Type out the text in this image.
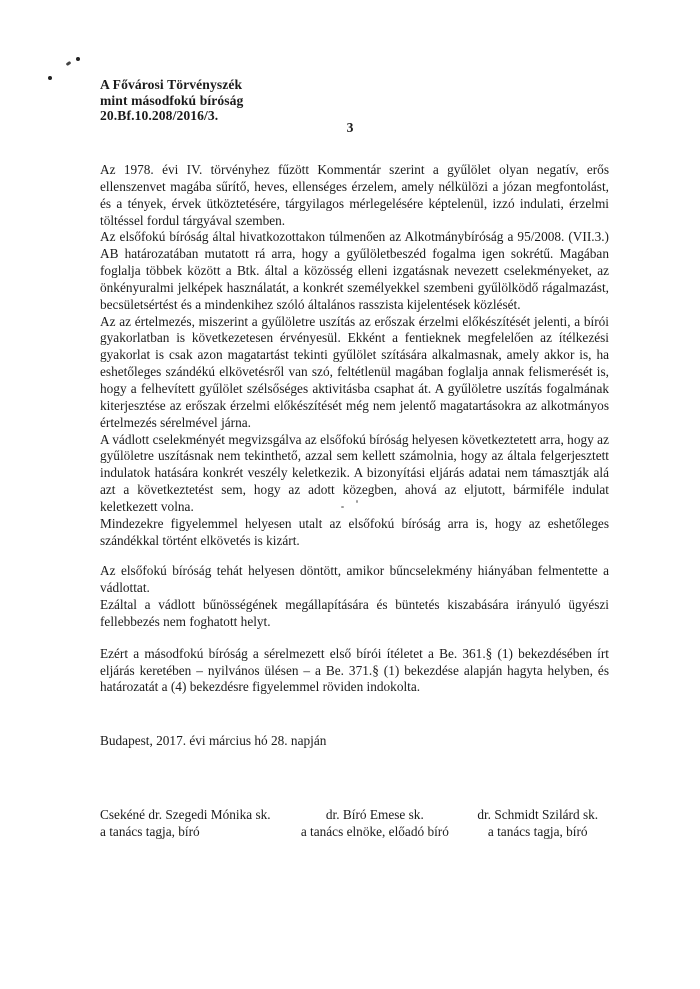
A Fővárosi Törvényszék
mint másodfokú bíróság
20.Bf.10.208/2016/3.
3

Az 1978. évi IV. törvényhez fűzött Kommentár szerint a gyűlölet olyan negatív, erős ellenszenvet magába sűrítő, heves, ellenséges érzelem, amely nélkülözi a józan megfontolást, és a tények, érvek ütköztetésére, tárgyilagos mérlegelésére képtelenül, izzó indulati, érzelmi töltéssel fordul tárgyával szemben.

Az elsőfokú bíróság által hivatkozottakon túlmenően az Alkotmánybíróság a 95/2008. (VII.3.) AB határozatában mutatott rá arra, hogy a gyűlöletbeszéd fogalma igen sokrétű. Magában foglalja többek között a Btk. által a közösség elleni izgatásnak nevezett cselekményeket, az önkényuralmi jelképek használatát, a konkrét személyekkel szembeni gyűlölködő rágalmazást, becsületsértést és a mindenkihez szóló általános rasszista kijelentések közlését.

Az az értelmezés, miszerint a gyűlöletre uszítás az erőszak érzelmi előkészítését jelenti, a bírói gyakorlatban is következetesen érvényesül. Ekként a fentieknek megfelelően az ítélkezési gyakorlat is csak azon magatartást tekinti gyűlölet szítására alkalmasnak, amely akkor is, ha eshetőleges szándékú elkövetésről van szó, feltétlenül magában foglalja annak felismerését is, hogy a felhevített gyűlölet szélsőséges aktivitásba csaphat át. A gyűlöletre uszítás fogalmának kiterjesztése az erőszak érzelmi előkészítését még nem jelentő magatartásokra az alkotmányos értelmezés sérelmével járna.

A vádlott cselekményét megvizsgálva az elsőfokú bíróság helyesen következtetett arra, hogy az gyűlöletre uszításnak nem tekinthető, azzal sem kellett számolnia, hogy az általa felgerjesztett indulatok hatására konkrét veszély keletkezik. A bizonyítási eljárás adatai nem támasztják alá azt a következtetést sem, hogy az adott közegben, ahová az eljutott, bármiféle indulat keletkezett volna.

Mindezekre figyelemmel helyesen utalt az elsőfokú bíróság arra is, hogy az eshetőleges szándékkal történt elkövetés is kizárt.

Az elsőfokú bíróság tehát helyesen döntött, amikor bűncselekmény hiányában felmentette a vádlottat.

Ezáltal a vádlott bűnösségének megállapítására és büntetés kiszabására irányuló ügyészi fellebbezés nem foghatott helyt.

Ezért a másodfokú bíróság a sérelmezett első bírói ítéletet a Be. 361.§ (1) bekezdésében írt eljárás keretében – nyilvános ülésen – a Be. 371.§ (1) bekezdése alapján hagyta helyben, és határozatát a (4) bekezdésre figyelemmel röviden indokolta.

Budapest, 2017. évi március hó 28. napján
Csekéné dr. Szegedi Mónika sk.
a tanács tagja, bíró
dr. Bíró Emese sk.
a tanács elnöke, előadó bíró
dr. Schmidt Szilárd sk.
a tanács tagja, bíró
